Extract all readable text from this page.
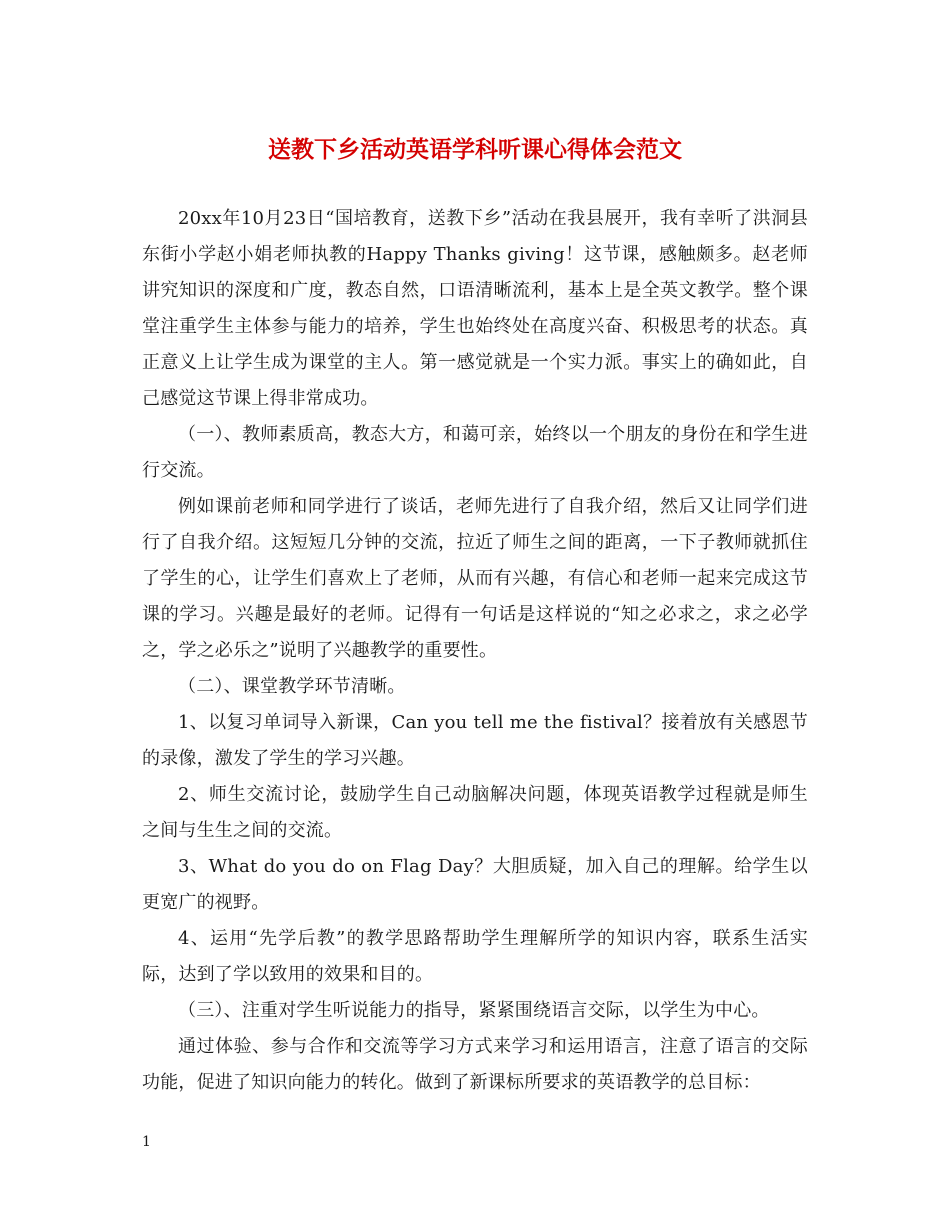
送教下乡活动英语学科听课心得体会范文

20xx年10月23日“国培教育，送教下乡”活动在我县展开，我有幸听了洪洞县东街小学赵小娟老师执教的Happy Thanks giving！这节课，感触颇多。赵老师讲究知识的深度和广度，教态自然，口语清晰流利，基本上是全英文教学。整个课堂注重学生主体参与能力的培养，学生也始终处在高度兴奋、积极思考的状态。真正意义上让学生成为课堂的主人。第一感觉就是一个实力派。事实上的确如此，自己感觉这节课上得非常成功。

（一）、教师素质高，教态大方，和蔼可亲，始终以一个朋友的身份在和学生进行交流。

例如课前老师和同学进行了谈话，老师先进行了自我介绍，然后又让同学们进行了自我介绍。这短短几分钟的交流，拉近了师生之间的距离，一下子教师就抓住了学生的心，让学生们喜欢上了老师，从而有兴趣，有信心和老师一起来完成这节课的学习。兴趣是最好的老师。记得有一句话是这样说的“知之必求之，求之必学之，学之必乐之”说明了兴趣教学的重要性。

（二）、课堂教学环节清晰。

1、以复习单词导入新课，Can you tell me the fistival？接着放有关感恩节的录像，激发了学生的学习兴趣。

2、师生交流讨论，鼓励学生自己动脑解决问题，体现英语教学过程就是师生之间与生生之间的交流。

3、What do you do on Flag Day？大胆质疑，加入自己的理解。给学生以更宽广的视野。

4、运用“先学后教”的教学思路帮助学生理解所学的知识内容，联系生活实际，达到了学以致用的效果和目的。

（三）、注重对学生听说能力的指导，紧紧围绕语言交际，以学生为中心。

通过体验、参与合作和交流等学习方式来学习和运用语言，注意了语言的交际功能，促进了知识向能力的转化。做到了新课标所要求的英语教学的总目标：

1
